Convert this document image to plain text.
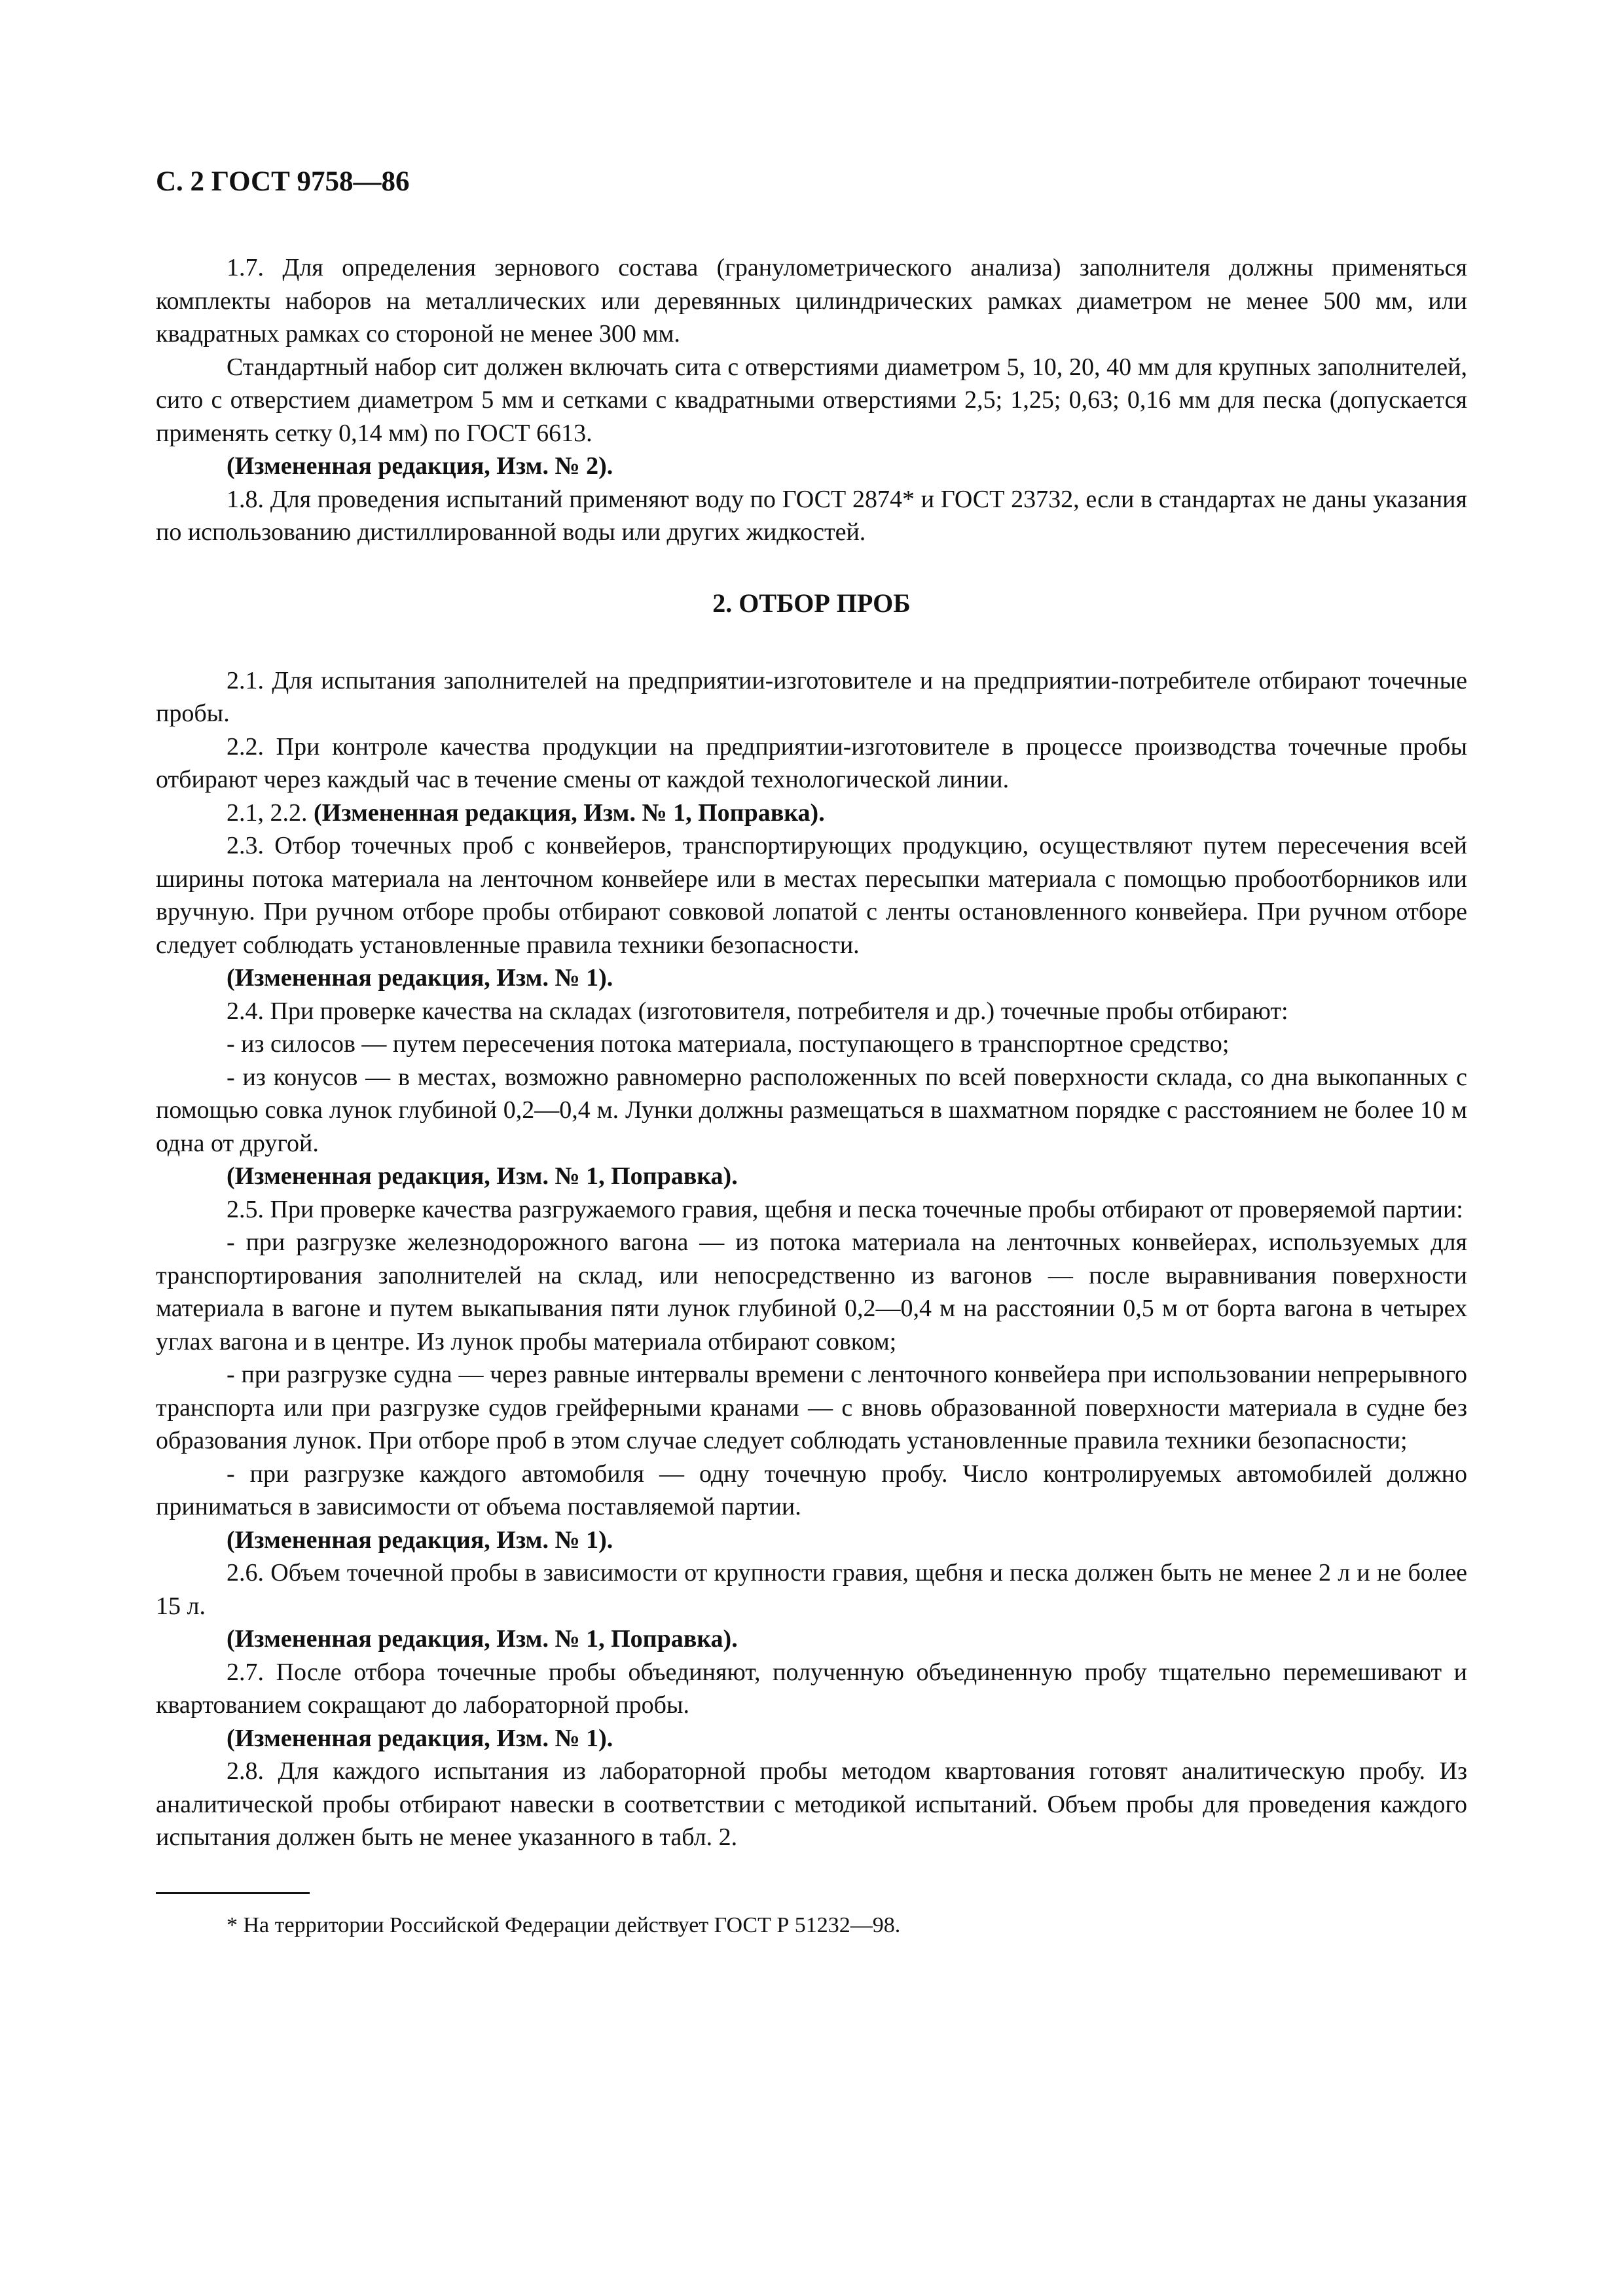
С. 2 ГОСТ 9758—86

1.7. Для определения зернового состава (гранулометрического анализа) заполнителя должны применяться комплекты наборов на металлических или деревянных цилиндрических рамках диаметром не менее 500 мм, или квадратных рамках со стороной не менее 300 мм.

Стандартный набор сит должен включать сита с отверстиями диаметром 5, 10, 20, 40 мм для крупных заполнителей, сито с отверстием диаметром 5 мм и сетками с квадратными отверстиями 2,5; 1,25; 0,63; 0,16 мм для песка (допускается применять сетку 0,14 мм) по ГОСТ 6613.

(Измененная редакция, Изм. № 2).

1.8. Для проведения испытаний применяют воду по ГОСТ 2874* и ГОСТ 23732, если в стандартах не даны указания по использованию дистиллированной воды или других жидкостей.

2. ОТБОР ПРОБ

2.1. Для испытания заполнителей на предприятии-изготовителе и на предприятии-потребителе отбирают точечные пробы.

2.2. При контроле качества продукции на предприятии-изготовителе в процессе производства точечные пробы отбирают через каждый час в течение смены от каждой технологической линии.

2.1, 2.2. (Измененная редакция, Изм. № 1, Поправка).

2.3. Отбор точечных проб с конвейеров, транспортирующих продукцию, осуществляют путем пересечения всей ширины потока материала на ленточном конвейере или в местах пересыпки материала с помощью пробоотборников или вручную. При ручном отборе пробы отбирают совковой лопатой с ленты остановленного конвейера. При ручном отборе следует соблюдать установленные правила техники безопасности.

(Измененная редакция, Изм. № 1).

2.4. При проверке качества на складах (изготовителя, потребителя и др.) точечные пробы отбирают:

- из силосов — путем пересечения потока материала, поступающего в транспортное средство;

- из конусов — в местах, возможно равномерно расположенных по всей поверхности склада, со дна выкопанных с помощью совка лунок глубиной 0,2—0,4 м. Лунки должны размещаться в шахматном порядке с расстоянием не более 10 м одна от другой.

(Измененная редакция, Изм. № 1, Поправка).

2.5. При проверке качества разгружаемого гравия, щебня и песка точечные пробы отбирают от проверяемой партии:

- при разгрузке железнодорожного вагона — из потока материала на ленточных конвейерах, используемых для транспортирования заполнителей на склад, или непосредственно из вагонов — после выравнивания поверхности материала в вагоне и путем выкапывания пяти лунок глубиной 0,2—0,4 м на расстоянии 0,5 м от борта вагона в четырех углах вагона и в центре. Из лунок пробы материала отбирают совком;

- при разгрузке судна — через равные интервалы времени с ленточного конвейера при использовании непрерывного транспорта или при разгрузке судов грейферными кранами — с вновь образованной поверхности материала в судне без образования лунок. При отборе проб в этом случае следует соблюдать установленные правила техники безопасности;

- при разгрузке каждого автомобиля — одну точечную пробу. Число контролируемых автомобилей должно приниматься в зависимости от объема поставляемой партии.

(Измененная редакция, Изм. № 1).

2.6. Объем точечной пробы в зависимости от крупности гравия, щебня и песка должен быть не менее 2 л и не более 15 л.

(Измененная редакция, Изм. № 1, Поправка).

2.7. После отбора точечные пробы объединяют, полученную объединенную пробу тщательно перемешивают и квартованием сокращают до лабораторной пробы.

(Измененная редакция, Изм. № 1).

2.8. Для каждого испытания из лабораторной пробы методом квартования готовят аналитическую пробу. Из аналитической пробы отбирают навески в соответствии с методикой испытаний. Объем пробы для проведения каждого испытания должен быть не менее указанного в табл. 2.

* На территории Российской Федерации действует ГОСТ Р 51232—98.
